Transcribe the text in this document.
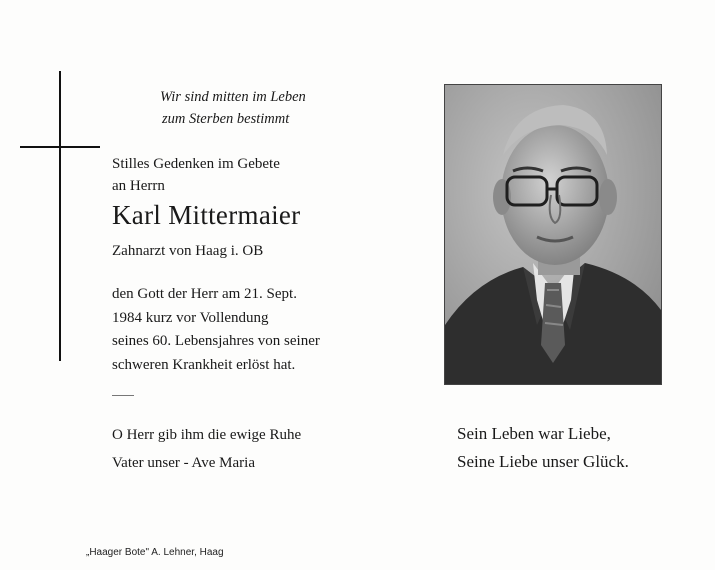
Wir sind mitten im Leben
zum Sterben bestimmt
Stilles Gedenken im Gebete
an Herrn
Karl Mittermaier
Zahnarzt von Haag i. OB
den Gott der Herr am 21. Sept.
1984 kurz vor Vollendung
seines 60. Lebensjahres von seiner
schweren Krankheit erlöst hat.
O Herr gib ihm die ewige Ruhe
Vater unser - Ave Maria
Sein Leben war Liebe,
Seine Liebe unser Glück.
„Haager Bote" A. Lehner, Haag
